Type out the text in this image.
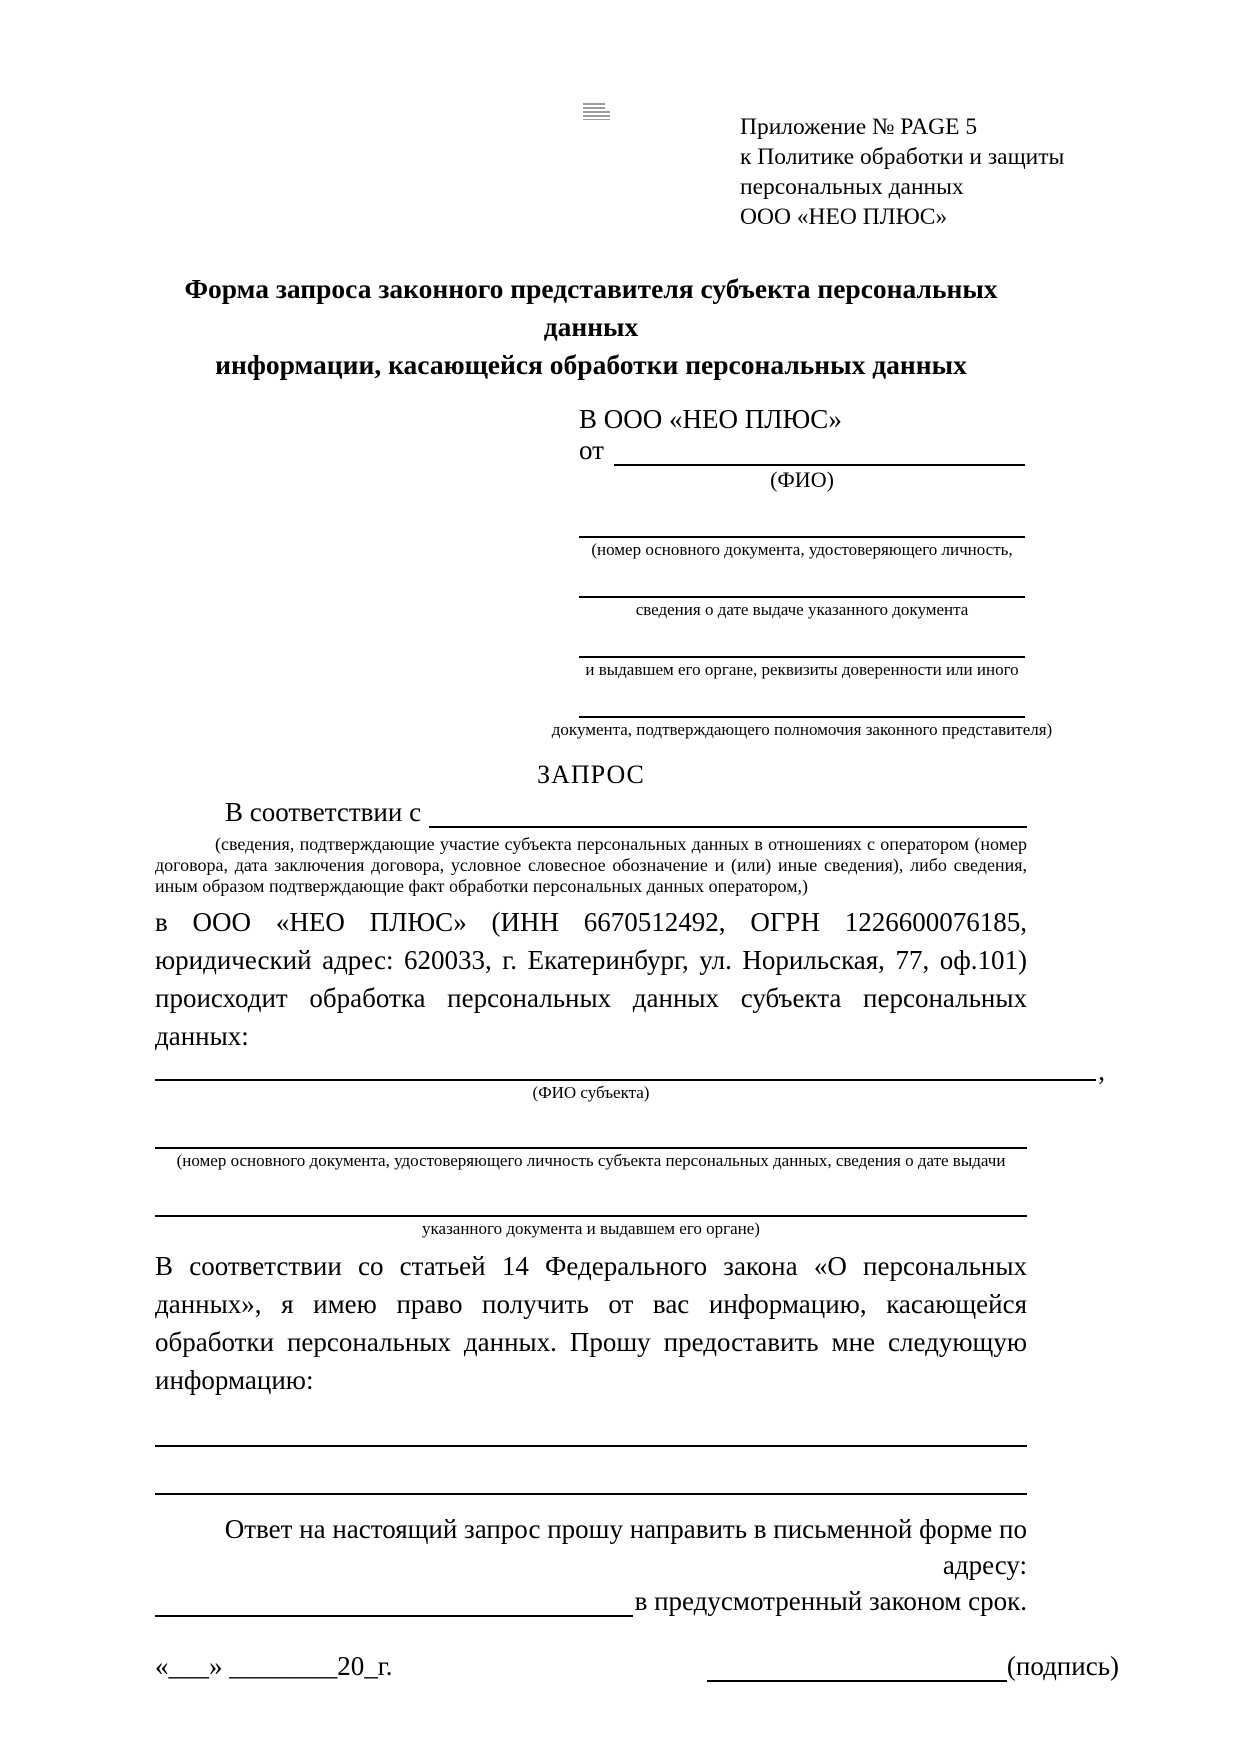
Приложение № PAGE 5
к Политике обработки и защиты
персональных данных
ООО «НЕО ПЛЮС»
Форма запроса законного представителя субъекта персональных данных
информации, касающейся обработки персональных данных
В ООО «НЕО ПЛЮС»
от
(ФИО)
(номер основного документа, удостоверяющего личность,
сведения о дате выдаче указанного документа
и выдавшем его органе, реквизиты доверенности или иного
документа, подтверждающего полномочия законного представителя)
ЗАПРОС
В соответствии с
(сведения, подтверждающие участие субъекта персональных данных в отношениях с оператором (номер договора, дата заключения договора, условное словесное обозначение и (или) иные сведения), либо сведения, иным образом подтверждающие факт обработки персональных данных оператором,)

в ООО «НЕО ПЛЮС» (ИНН 6670512492, ОГРН 1226600076185, юридический адрес: 620033, г. Екатеринбург, ул. Норильская, 77, оф.101) происходит обработка персональных данных субъекта персональных данных:

,
(ФИО субъекта)
(номер основного документа, удостоверяющего личность субъекта персональных данных, сведения о дате выдачи
указанного документа и выдавшем его органе)

В соответствии со статьей 14 Федерального закона «О персональных данных», я имею право получить от вас информацию, касающейся обработки персональных данных. Прошу предоставить мне следующую информацию:

Ответ на настоящий запрос прошу направить в письменной форме по адресу:
в предусмотренный законом срок.
«___» ________20_г.	(подпись)
